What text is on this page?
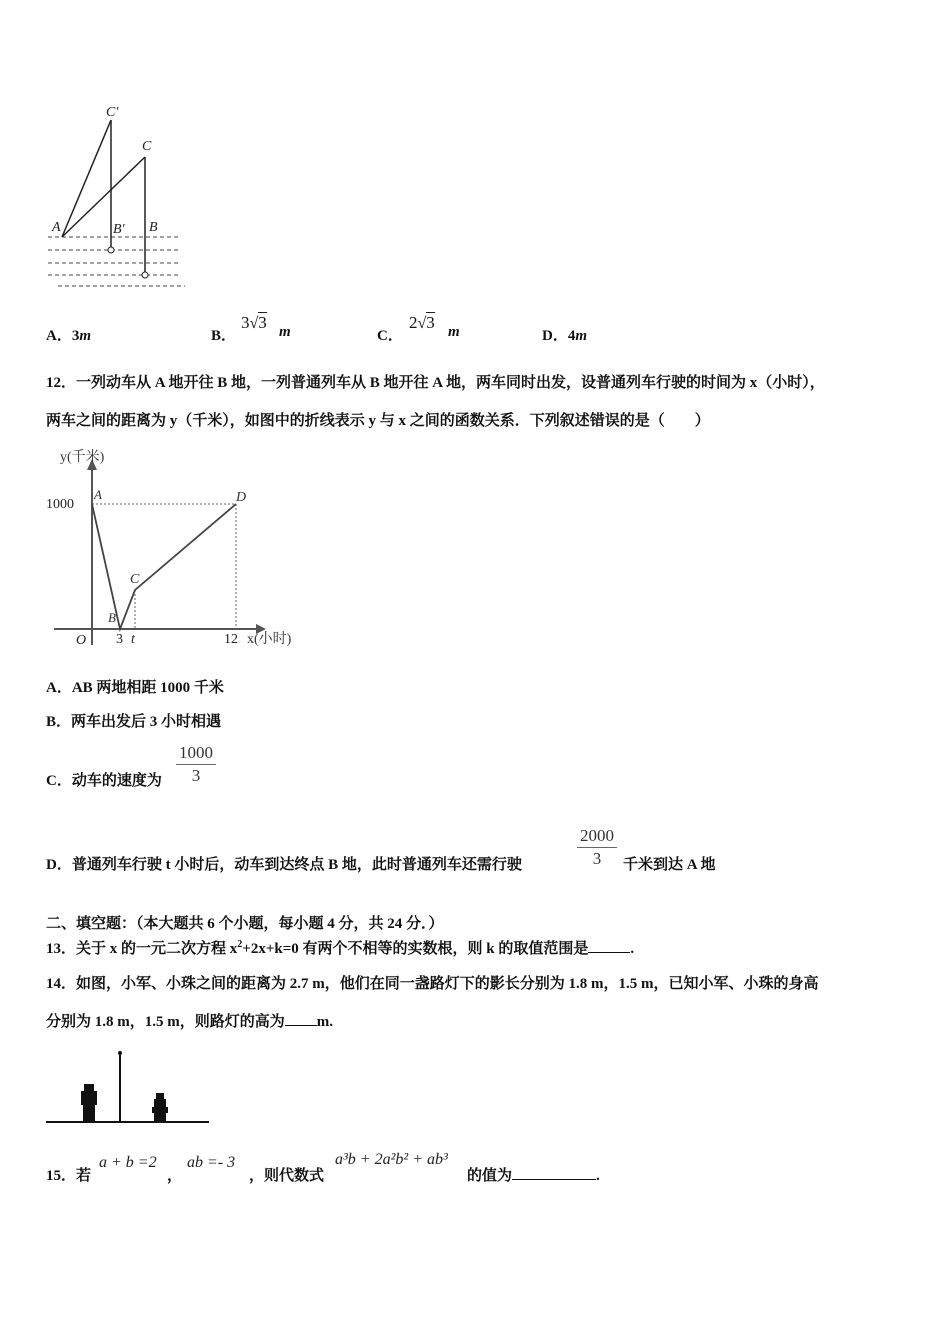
A	B′ B
C′
C
A．3m	B．
3√3 m	C．
2√3 m	D．4m
12．一列动车从 A 地开往 B 地，一列普通列车从 B 地开往 A 地，两车同时出发，设普通列车行驶的时间为 x（小时），
两车之间的距离为 y（千米），如图中的折线表示 y 与 x 之间的函数关系．下列叙述错误的是（　　）
y(千米)
1000
A
B
C
D
O 3 t	12 x(小时)
A．AB 两地相距 1000 千米
B．两车出发后 3 小时相遇
C．动车的速度为
1000
3
D．普通列车行驶 t 小时后，动车到达终点 B 地，此时普通列车还需行驶
2000
3	千米到达 A 地
二、填空题：（本大题共 6 个小题，每小题 4 分，共 24 分．）
13．关于 x 的一元二次方程 $x^2+2x+k=0$ 有两个不相等的实数根，则 k 的取值范围是	.
14．如图，小军、小珠之间的距离为 2.7 m，他们在同一盏路灯下的影长分别为 1.8 m，1.5 m，已知小军、小珠的身高
分别为 1.8 m，1.5 m，则路灯的高为 m.
15．若
a + b =2
，
ab =- 3
，则代数式
a³b + 2a²b² + ab³
的值为	.
